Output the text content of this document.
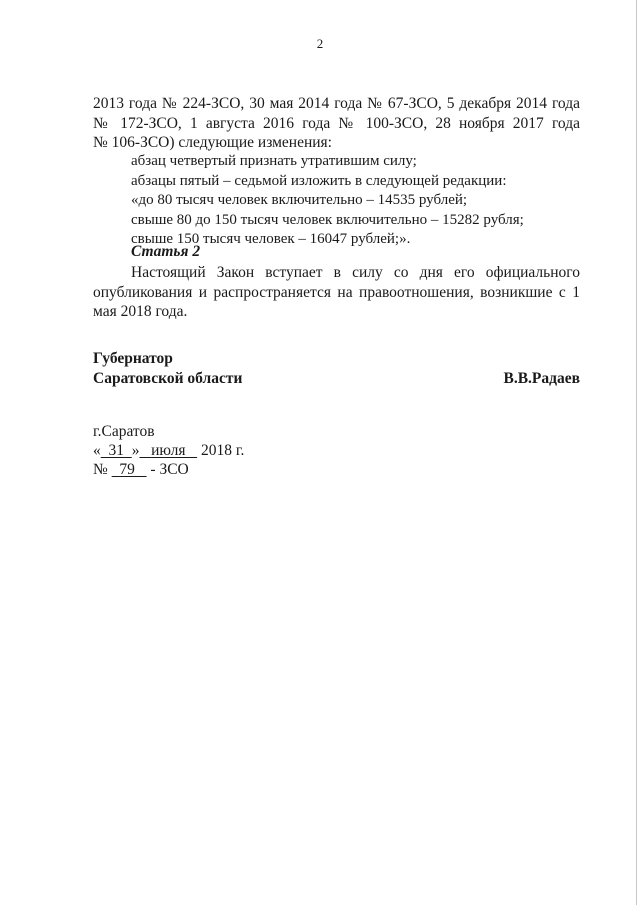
2

2013 года № 224-ЗСО, 30 мая 2014 года № 67-ЗСО, 5 декабря 2014 года

№ 172-ЗСО, 1 августа 2016 года № 100-ЗСО, 28 ноября 2017 года

№ 106-ЗСО) следующие изменения:

абзац четвертый признать утратившим силу;

абзацы пятый – седьмой изложить в следующей редакции:

«до 80 тысяч человек включительно – 14535 рублей;

свыше 80 до 150 тысяч человек включительно – 15282 рубля;

свыше 150 тысяч человек – 16047 рублей;».

Статья 2

Настоящий Закон вступает в силу со дня его официального опубликования и распространяется на правоотношения, возникшие с 1 мая 2018 года.

Губернатор
Саратовской области	В.В.Радаев
г.Саратов
« 31 » июля 2018 г.
№ 79 - ЗСО
